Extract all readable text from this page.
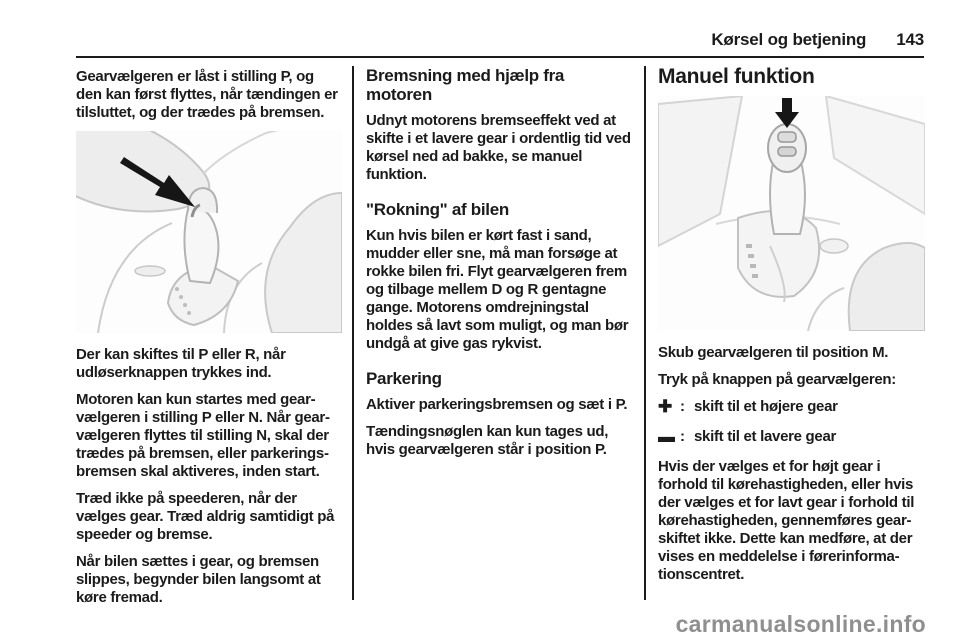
Kørsel og betjening 143

Gearvælgeren er låst i stilling P, og den kan først flyttes, når tændingen er tilsluttet, og der trædes på bremsen.

Der kan skiftes til P eller R, når udløserknappen trykkes ind.

Motoren kan kun startes med gearvælgeren i stilling P eller N. Når gearvælgeren flyttes til stilling N, skal der trædes på bremsen, eller parkeringsbremsen skal aktiveres, inden start.

Træd ikke på speederen, når der vælges gear. Træd aldrig samtidigt på speeder og bremse.

Når bilen sættes i gear, og bremsen slippes, begynder bilen langsomt at køre fremad.

Bremsning med hjælp fra motoren

Udnyt motorens bremseeffekt ved at skifte i et lavere gear i ordentlig tid ved kørsel ned ad bakke, se manuel funktion.

"Rokning" af bilen

Kun hvis bilen er kørt fast i sand, mudder eller sne, må man forsøge at rokke bilen fri. Flyt gearvælgeren frem og tilbage mellem D og R gentagne gange. Motorens omdrejningstal holdes så lavt som muligt, og man bør undgå at give gas rykvist.

Parkering

Aktiver parkeringsbremsen og sæt i P.

Tændingsnøglen kan kun tages ud, hvis gearvælgeren står i position P.

Manuel funktion

Skub gearvælgeren til position M.

Tryk på knappen på gearvælgeren:

✚ : skift til et højere gear
▬ : skift til et lavere gear

Hvis der vælges et for højt gear i forhold til kørehastigheden, eller hvis der vælges et for lavt gear i forhold til kørehastigheden, gennemføres gearskiftet ikke. Dette kan medføre, at der vises en meddelelse i førerinformationscentret.

carmanualsonline.info
